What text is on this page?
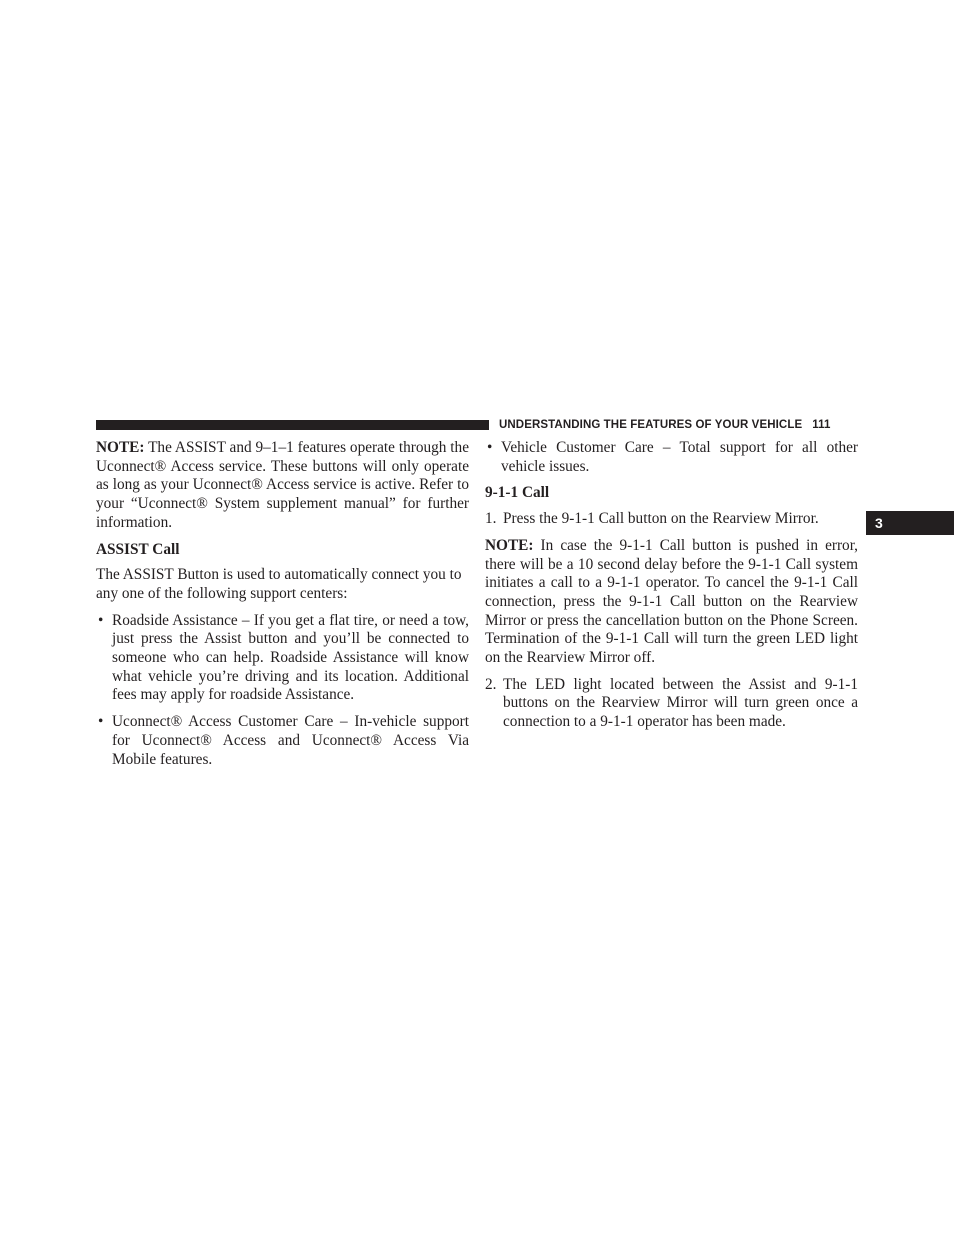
UNDERSTANDING THE FEATURES OF YOUR VEHICLE 111
3

NOTE: The ASSIST and 9–1–1 features operate through the Uconnect® Access service. These buttons will only operate as long as your Uconnect® Access service is active. Refer to your “Uconnect® System supplement manual” for further information.

ASSIST Call

The ASSIST Button is used to automatically connect you to any one of the following support centers:

• Roadside Assistance – If you get a flat tire, or need a tow, just press the Assist button and you’ll be connected to someone who can help. Roadside Assistance will know what vehicle you’re driving and its location. Additional fees may apply for roadside Assistance.
• Uconnect® Access Customer Care – In-vehicle support for Uconnect® Access and Uconnect® Access Via Mobile features.
• Vehicle Customer Care – Total support for all other vehicle issues.

9-1-1 Call

1. Press the 9-1-1 Call button on the Rearview Mirror.

NOTE: In case the 9-1-1 Call button is pushed in error, there will be a 10 second delay before the 9-1-1 Call system initiates a call to a 9-1-1 operator. To cancel the 9-1-1 Call connection, press the 9-1-1 Call button on the Rearview Mirror or press the cancellation button on the Phone Screen. Termination of the 9-1-1 Call will turn the green LED light on the Rearview Mirror off.

2. The LED light located between the Assist and 9-1-1 buttons on the Rearview Mirror will turn green once a connection to a 9-1-1 operator has been made.
